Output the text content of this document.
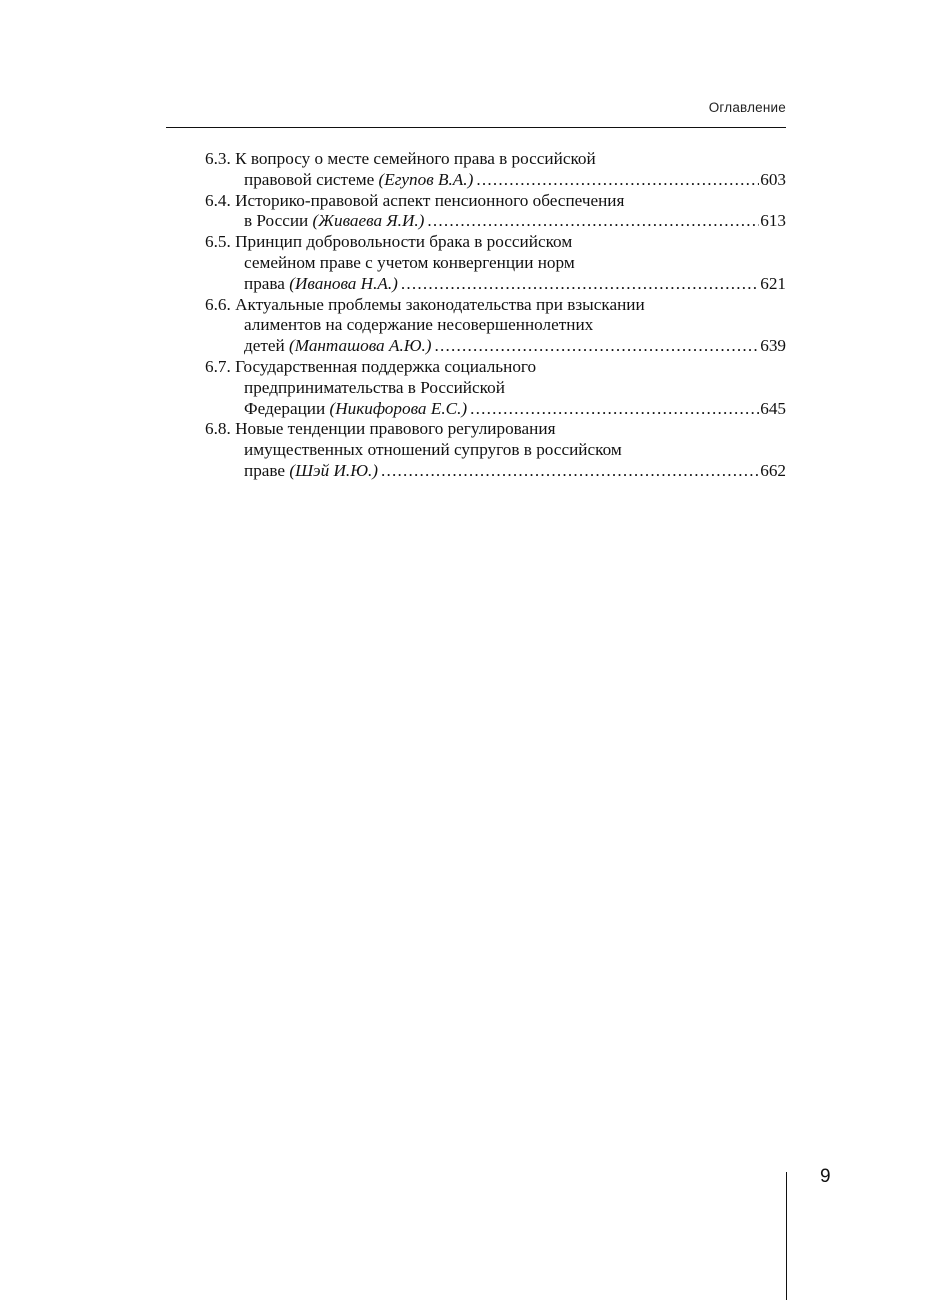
Оглавление
6.3. К вопросу о месте семейного права в российской
правовой системе
(Егупов В.А.) .....	603
6.4. Историко-правовой аспект пенсионного обеспечения
в России
(Живаева Я.И.) .....	613
6.5. Принцип добровольности брака в российском
семейном праве с учетом конвергенции норм
права
(Иванова Н.А.) .....	621
6.6. Актуальные проблемы законодательства при взыскании
алиментов на содержание несовершеннолетних
детей
(Манташова А.Ю.) .....	639
6.7. Государственная поддержка социального
предпринимательства в Российской
Федерации
(Никифорова Е.С.) .....	645
6.8. Новые тенденции правового регулирования
имущественных отношений супругов в российском
праве
(Шэй И.Ю.) .....	662
9
